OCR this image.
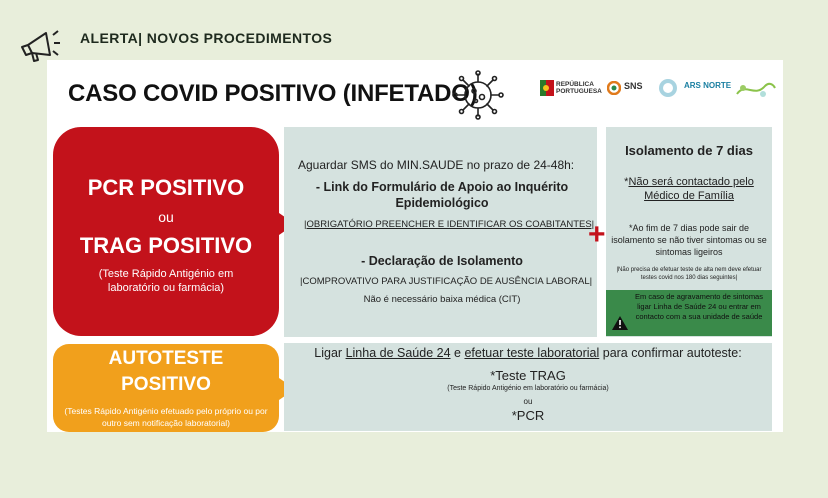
ALERTA| NOVOS PROCEDIMENTOS
CASO COVID POSITIVO (INFETADO)	REPÚBLICA
PORTUGUESA
SNS	ARS NORTE
PCR POSITIVO
ou
TRAG POSITIVO
(Teste Rápido Antigénio em laboratório ou farmácia)
Aguardar SMS do MIN.SAUDE no prazo de 24-48h:
- Link do Formulário de Apoio ao Inquérito Epidemiológico
|OBRIGATÓRIO PREENCHER E IDENTIFICAR OS COABITANTES|
- Declaração de Isolamento
|COMPROVATIVO PARA JUSTIFICAÇÃO DE AUSÊNCIA LABORAL|
Não é necessário baixa médica (CIT)
+
Isolamento de 7 dias
*Não será contactado pelo Médico de Família
*Ao fim de 7 dias pode sair de isolamento se não tiver sintomas ou se sintomas ligeiros
|Não precisa de efetuar teste de alta nem deve efetuar testes covid nos 180 dias seguintes|
Em caso de agravamento de sintomas ligar Linha de Saúde 24 ou entrar em contacto com a sua unidade de saúde
AUTOTESTE
POSITIVO
(Testes Rápido Antigénio efetuado pelo próprio ou por outro sem notificação laboratorial)
Ligar Linha de Saúde 24 e efetuar teste laboratorial para confirmar autoteste:
*Teste TRAG
(Teste Rápido Antigénio em laboratório ou farmácia)
ou
*PCR
